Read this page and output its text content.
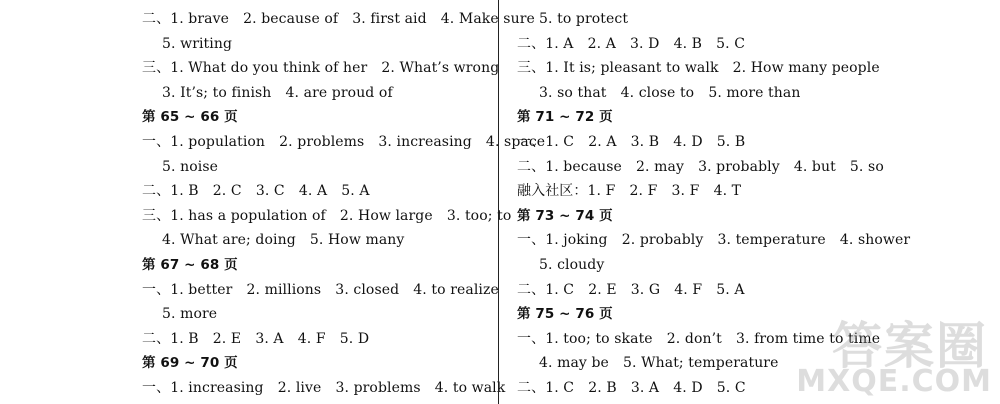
二、1. brave　2. because of　3. first aid　4. Make sure
5. writing
三、1. What do you think of her　2. What’s wrong
3. It’s; to finish　4. are proud of
第 65 ~ 66 页
一、1. population　2. problems　3. increasing　4. space
5. noise
二、1. B　2. C　3. C　4. A　5. A
三、1. has a population of　2. How large　3. too; to
4. What are; doing　5. How many
第 67 ~ 68 页
一、1. better　2. millions　3. closed　4. to realize
5. more
二、1. B　2. E　3. A　4. F　5. D
第 69 ~ 70 页
一、1. increasing　2. live　3. problems　4. to walk
5. to protect
二、1. A　2. A　3. D　4. B　5. C
三、1. It is; pleasant to walk　2. How many people
3. so that　4. close to　5. more than
第 71 ~ 72 页
一、1. C　2. A　3. B　4. D　5. B
二、1. because　2. may　3. probably　4. but　5. so
融入社区：1. F　2. F　3. F　4. T
第 73 ~ 74 页
一、1. joking　2. probably　3. temperature　4. shower
5. cloudy
二、1. C　2. E　3. G　4. F　5. A
第 75 ~ 76 页
一、1. too; to skate　2. don’t　3. from time to time
4. may be　5. What; temperature
二、1. C　2. B　3. A　4. D　5. C
答案圈
MXQE.COM
